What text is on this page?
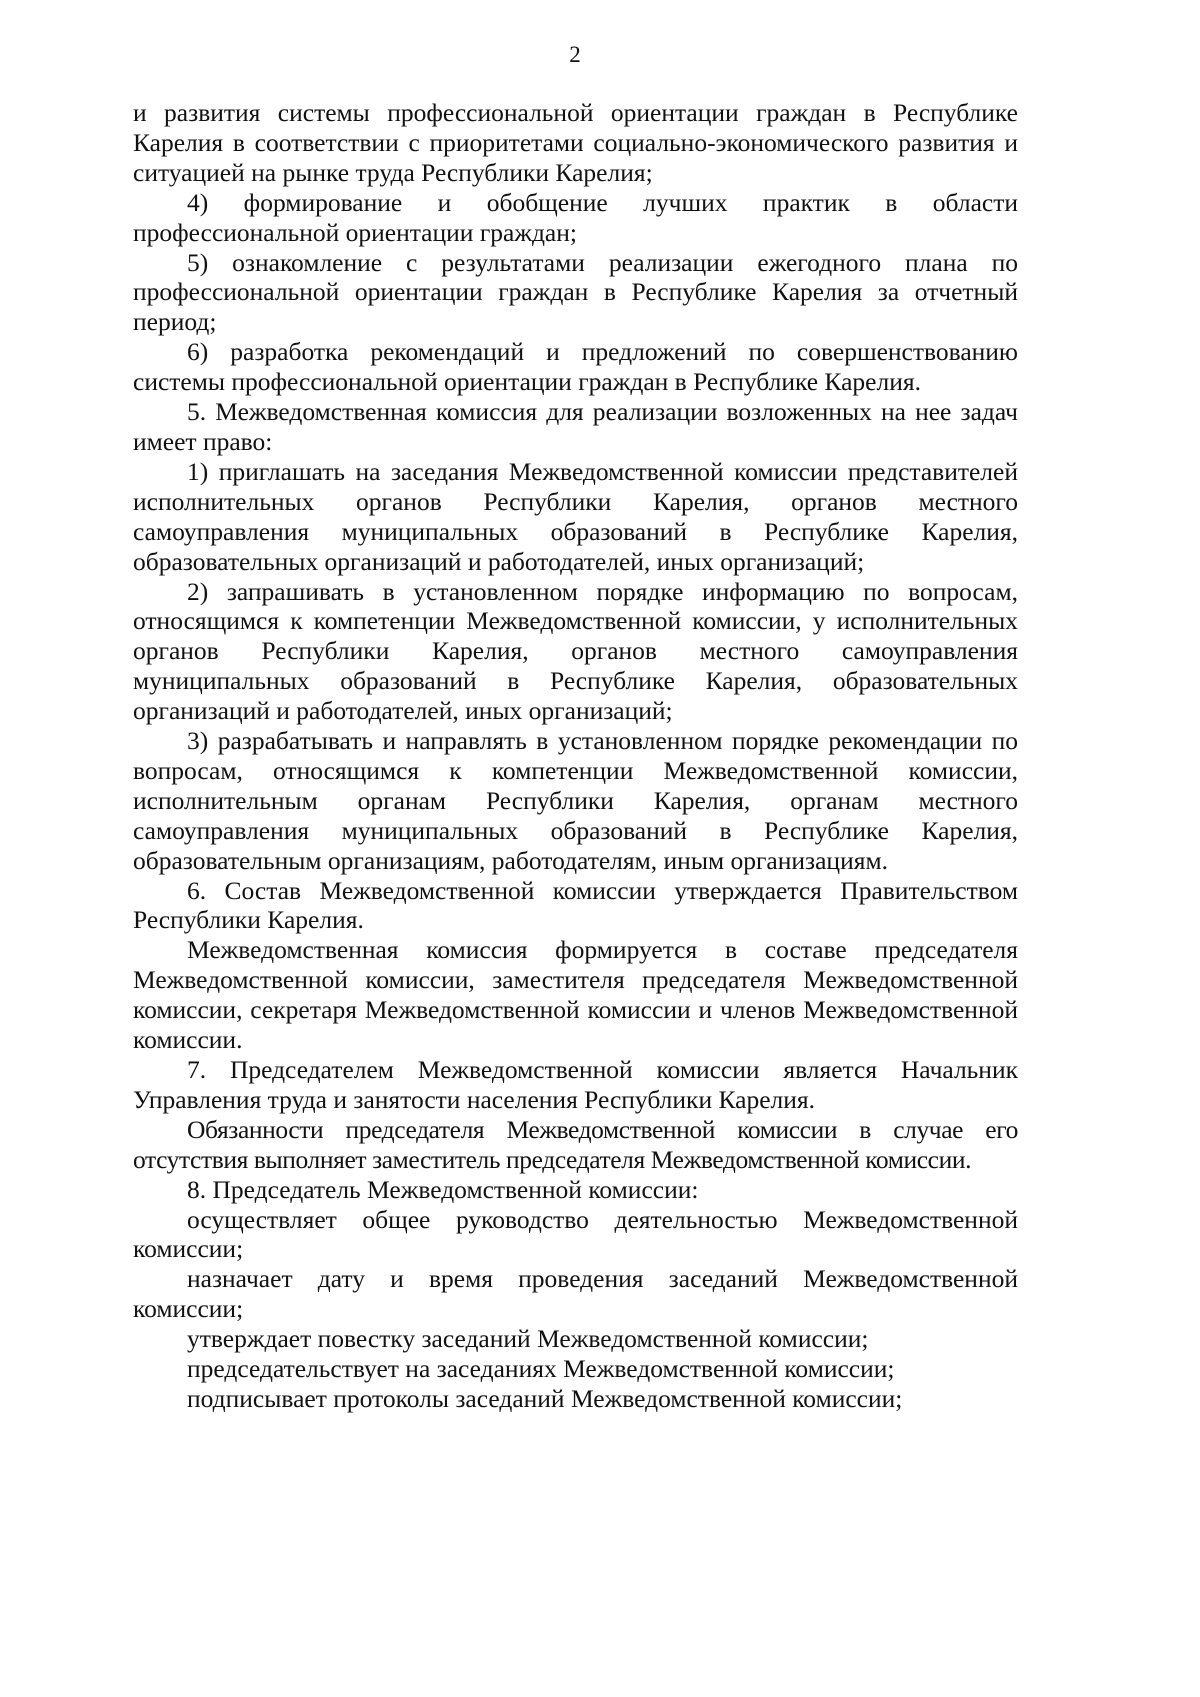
2

и развития системы профессиональной ориентации граждан в Республике Карелия в соответствии с приоритетами социально-экономического развития и ситуацией на рынке труда Республики Карелия;

4) формирование и обобщение лучших практик в области профессиональной ориентации граждан;

5) ознакомление с результатами реализации ежегодного плана по профессиональной ориентации граждан в Республике Карелия за отчетный период;

6) разработка рекомендаций и предложений по совершенствованию системы профессиональной ориентации граждан в Республике Карелия.

5. Межведомственная комиссия для реализации возложенных на нее задач имеет право:

1) приглашать на заседания Межведомственной комиссии представителей исполнительных органов Республики Карелия, органов местного самоуправления муниципальных образований в Республике Карелия, образовательных организаций и работодателей, иных организаций;

2) запрашивать в установленном порядке информацию по вопросам, относящимся к компетенции Межведомственной комиссии, у исполнительных органов Республики Карелия, органов местного самоуправления муниципальных образований в Республике Карелия, образовательных организаций и работодателей, иных организаций;

3) разрабатывать и направлять в установленном порядке рекомендации по вопросам, относящимся к компетенции Межведомственной комиссии, исполнительным органам Республики Карелия, органам местного самоуправления муниципальных образований в Республике Карелия, образовательным организациям, работодателям, иным организациям.

6. Состав Межведомственной комиссии утверждается Правительством Республики Карелия.

Межведомственная комиссия формируется в составе председателя Межведомственной комиссии, заместителя председателя Межведомственной комиссии, секретаря Межведомственной комиссии и членов Межведомственной комиссии.

7. Председателем Межведомственной комиссии является Начальник Управления труда и занятости населения Республики Карелия.

Обязанности председателя Межведомственной комиссии в случае его отсутствия выполняет заместитель председателя Межведомственной комиссии.

8. Председатель Межведомственной комиссии:

осуществляет общее руководство деятельностью Межведомственной комиссии;

назначает дату и время проведения заседаний Межведомственной комиссии;

утверждает повестку заседаний Межведомственной комиссии;

председательствует на заседаниях Межведомственной комиссии;

подписывает протоколы заседаний Межведомственной комиссии;
